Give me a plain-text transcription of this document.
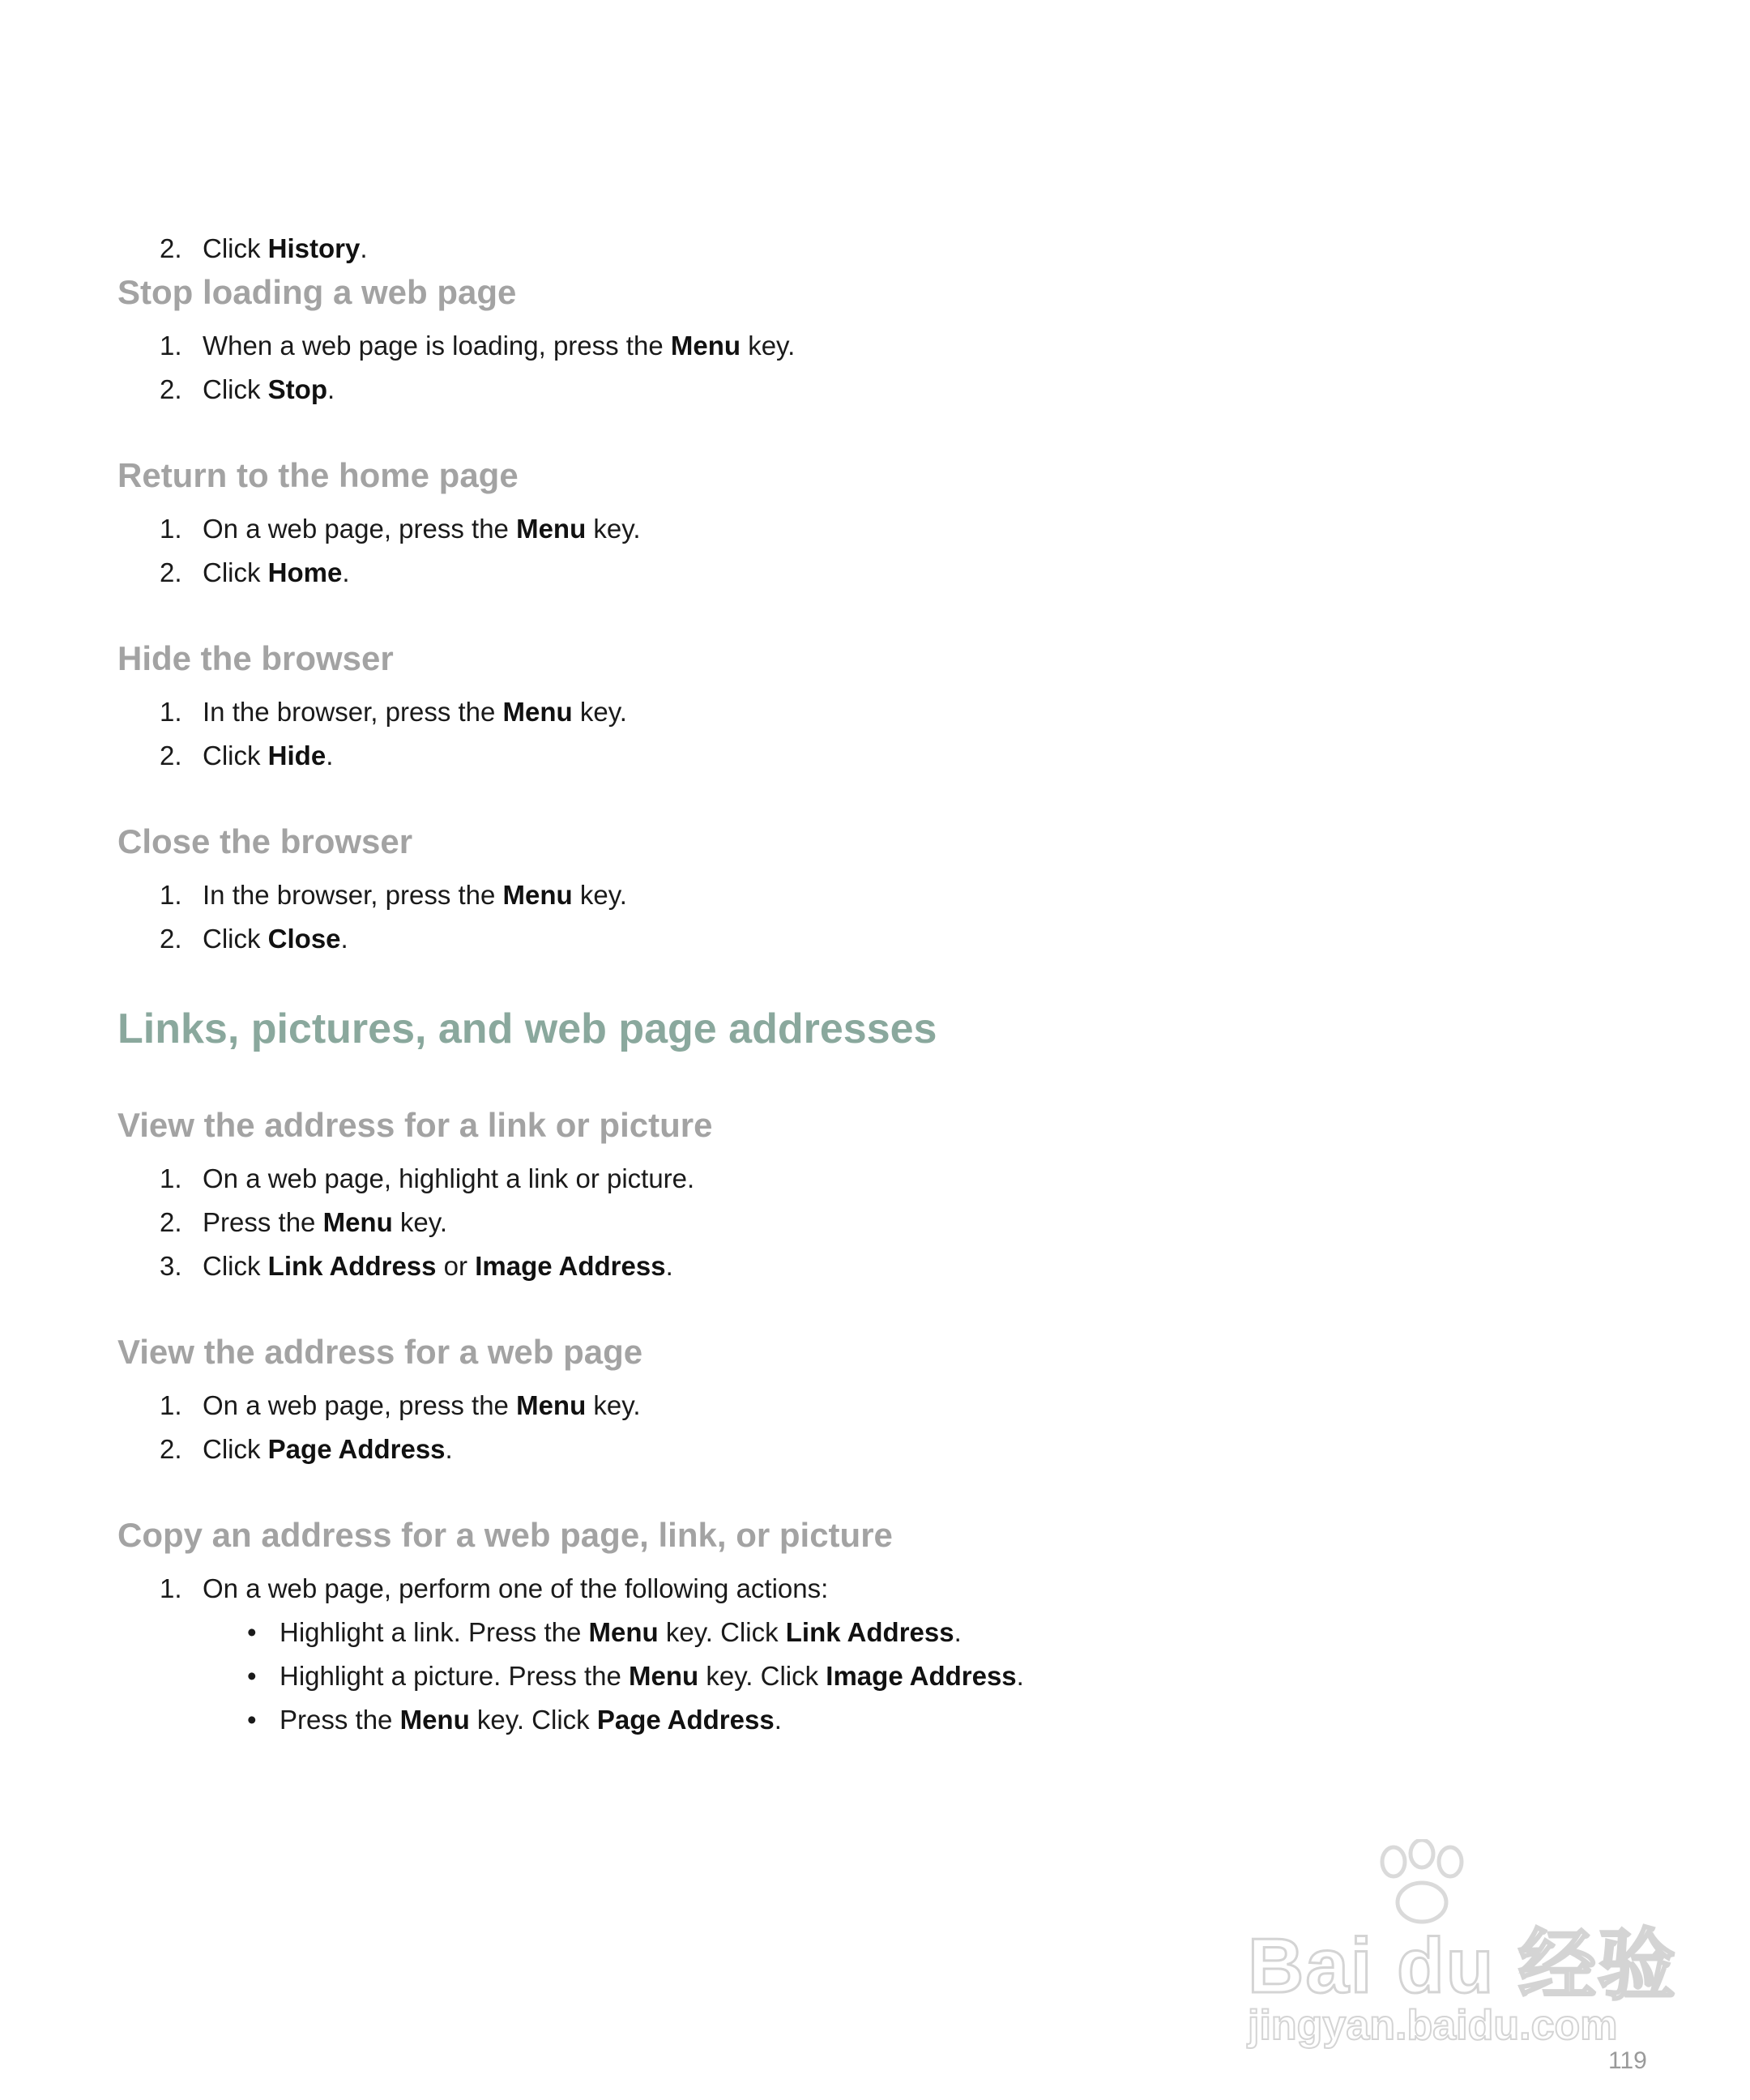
2. Click History.
Stop loading a web page
1. When a web page is loading, press the Menu key.
2. Click Stop.
Return to the home page
1. On a web page, press the Menu key.
2. Click Home.
Hide the browser
1. In the browser, press the Menu key.
2. Click Hide.
Close the browser
1. In the browser, press the Menu key.
2. Click Close.
Links, pictures, and web page addresses
View the address for a link or picture
1. On a web page, highlight a link or picture.
2. Press the Menu key.
3. Click Link Address or Image Address.
View the address for a web page
1. On a web page, press the Menu key.
2. Click Page Address.
Copy an address for a web page, link, or picture
1. On a web page, perform one of the following actions:
• Highlight a link. Press the Menu key. Click Link Address.
• Highlight a picture. Press the Menu key. Click Image Address.
• Press the Menu key. Click Page Address.
Bai du 经验
jingyan.baidu.com
119
